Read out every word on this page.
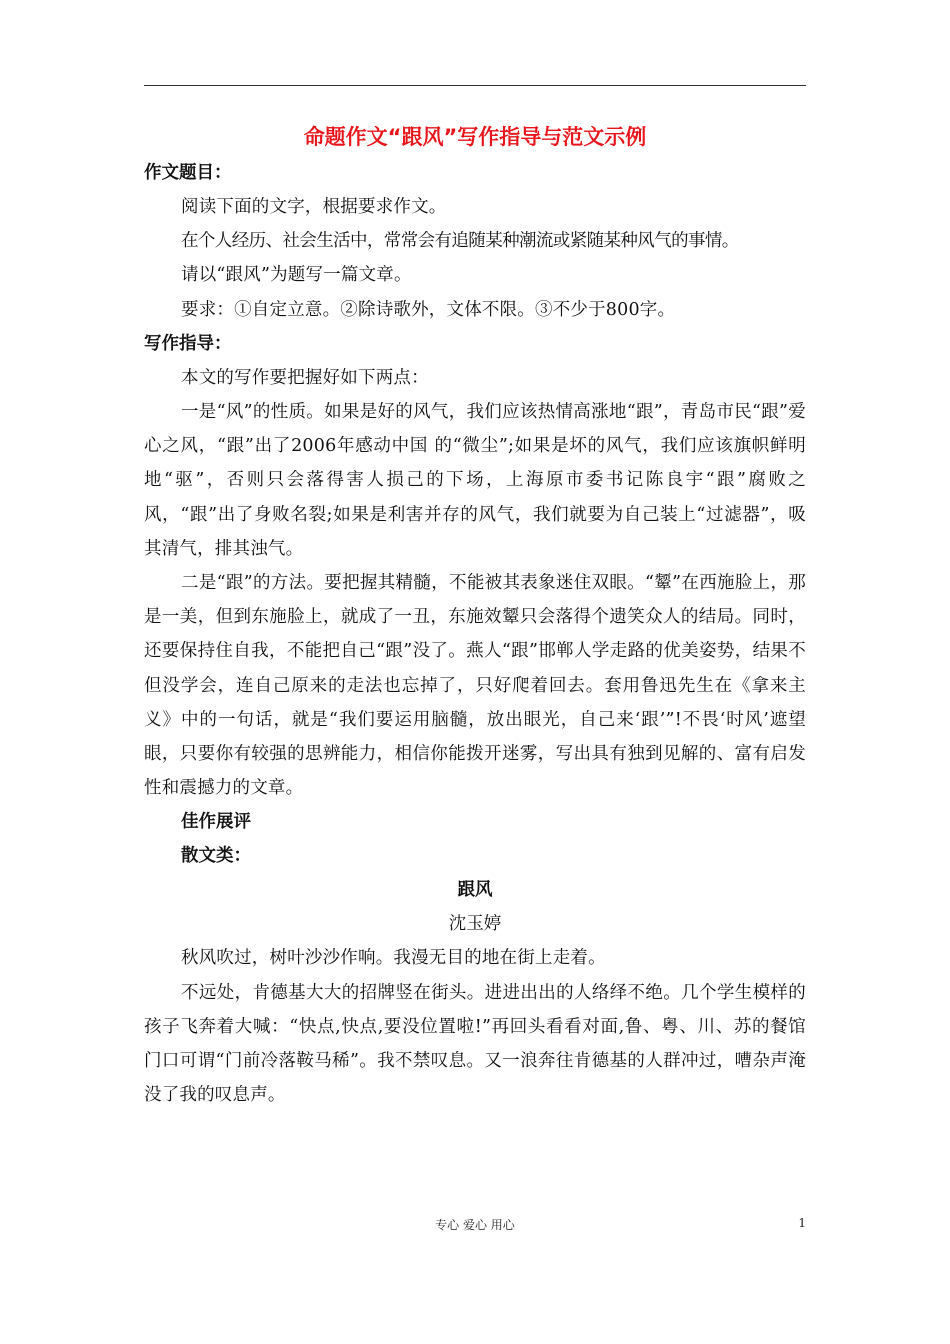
命题作文“跟风”写作指导与范文示例
作文题目：

阅读下面的文字，根据要求作文。

在个人经历、社会生活中，常常会有追随某种潮流或紧随某种风气的事情。

请以“跟风”为题写一篇文章。

要求：①自定立意。②除诗歌外，文体不限。③不少于800字。

写作指导：

本文的写作要把握好如下两点：

一是“风”的性质。如果是好的风气，我们应该热情高涨地“跟”，青岛市民“跟”爱心之风，“跟”出了2006年感动中国 的“微尘”;如果是坏的风气，我们应该旗帜鲜明地“驱”，否则只会落得害人损己的下场，上海原市委书记陈良宇“跟”腐败之风，“跟”出了身败名裂;如果是利害并存的风气，我们就要为自己装上“过滤器”，吸其清气，排其浊气。

二是“跟”的方法。要把握其精髓，不能被其表象迷住双眼。“颦”在西施脸上，那是一美，但到东施脸上，就成了一丑，东施效颦只会落得个遗笑众人的结局。同时，还要保持住自我，不能把自己“跟”没了。燕人“跟”邯郸人学走路的优美姿势，结果不但没学会，连自己原来的走法也忘掉了，只好爬着回去。套用鲁迅先生在《拿来主义》中的一句话，就是“我们要运用脑髓，放出眼光，自己来‘跟’”!不畏‘时风’遮望眼，只要你有较强的思辨能力，相信你能拨开迷雾，写出具有独到见解的、富有启发性和震撼力的文章。

佳作展评
散文类：
跟风
沈玉婷

秋风吹过，树叶沙沙作响。我漫无目的地在街上走着。

不远处，肯德基大大的招牌竖在街头。进进出出的人络绎不绝。几个学生模样的孩子飞奔着大喊：“快点,快点,要没位置啦!”再回头看看对面,鲁、粤、川、苏的餐馆门口可谓“门前冷落鞍马稀”。我不禁叹息。又一浪奔往肯德基的人群冲过，嘈杂声淹没了我的叹息声。

专心 爱心 用心	1
